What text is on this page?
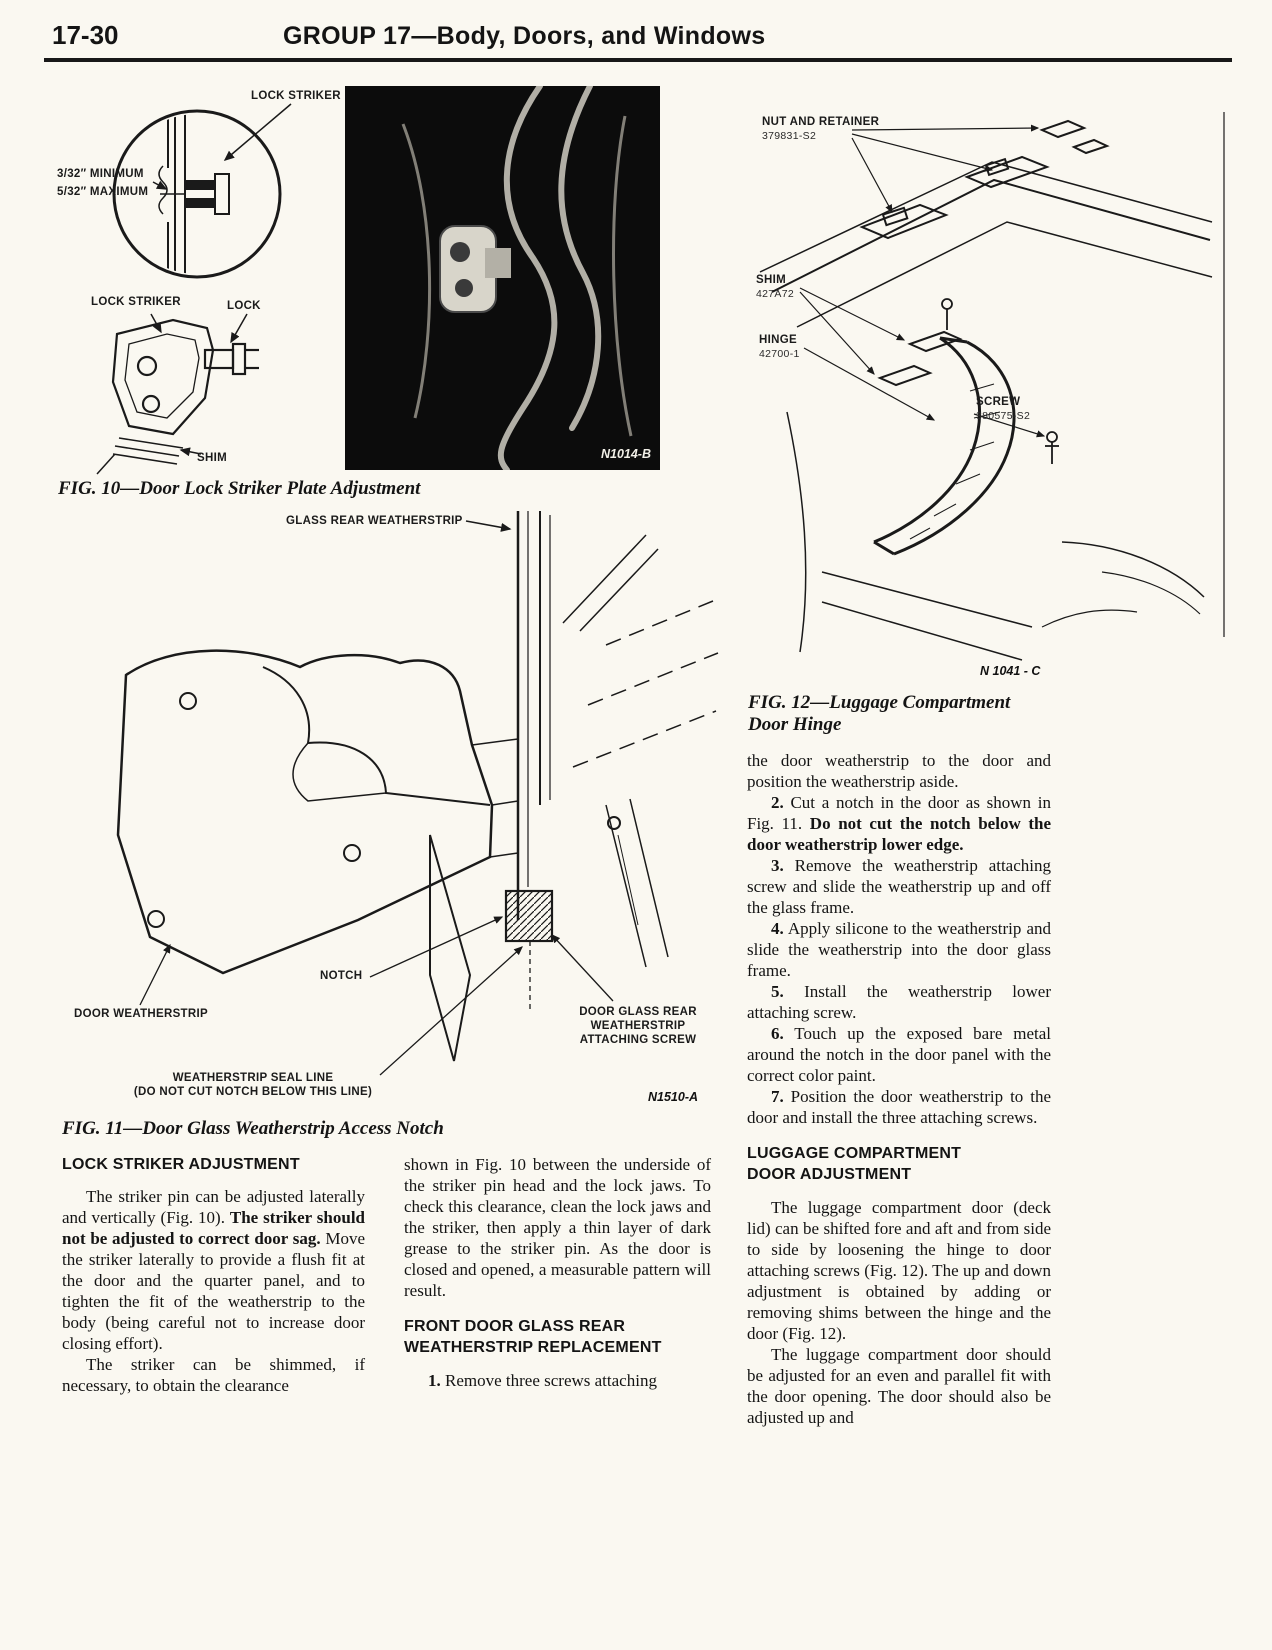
17-30	GROUP 17—Body, Doors, and Windows
LOCK STRIKER
3/32″ MINIMUM
5/32″ MAXIMUM
LOCK STRIKER	LOCK
SHIM
FIG. 10—Door Lock Striker Plate Adjustment
N1014-B
NUT AND RETAINER
379831-S2
SHIM
427A72
HINGE
42700-1
SCREW
380575-S2
N 1041 - C
FIG. 12—Luggage Compartment
Door Hinge
GLASS REAR WEATHERSTRIP
NOTCH
DOOR WEATHERSTRIP	DOOR GLASS REAR
WEATHERSTRIP
ATTACHING SCREW
WEATHERSTRIP SEAL LINE
(DO NOT CUT NOTCH BELOW THIS LINE)	N1510-A
FIG. 11—Door Glass Weatherstrip Access Notch
LOCK STRIKER ADJUSTMENT

The striker pin can be adjusted laterally and vertically (Fig. 10). The striker should not be adjusted to correct door sag. Move the striker laterally to provide a flush fit at the door and the quarter panel, and to tighten the fit of the weatherstrip to the body (being careful not to increase door closing effort).

The striker can be shimmed, if necessary, to obtain the clearance

shown in Fig. 10 between the underside of the striker pin head and the lock jaws. To check this clearance, clean the lock jaws and the striker, then apply a thin layer of dark grease to the striker pin. As the door is closed and opened, a measurable pattern will result.

FRONT DOOR GLASS REAR
WEATHERSTRIP REPLACEMENT

1. Remove three screws attaching

the door weatherstrip to the door and position the weatherstrip aside.

2. Cut a notch in the door as shown in Fig. 11. Do not cut the notch below the door weatherstrip lower edge.

3. Remove the weatherstrip attaching screw and slide the weatherstrip up and off the glass frame.

4. Apply silicone to the weatherstrip and slide the weatherstrip into the door glass frame.

5. Install the weatherstrip lower attaching screw.

6. Touch up the exposed bare metal around the notch in the door panel with the correct color paint.

7. Position the door weatherstrip to the door and install the three attaching screws.

LUGGAGE COMPARTMENT
DOOR ADJUSTMENT

The luggage compartment door (deck lid) can be shifted fore and aft and from side to side by loosening the hinge to door attaching screws (Fig. 12). The up and down adjustment is obtained by adding or removing shims between the hinge and the door (Fig. 12).

The luggage compartment door should be adjusted for an even and parallel fit with the door opening. The door should also be adjusted up and
